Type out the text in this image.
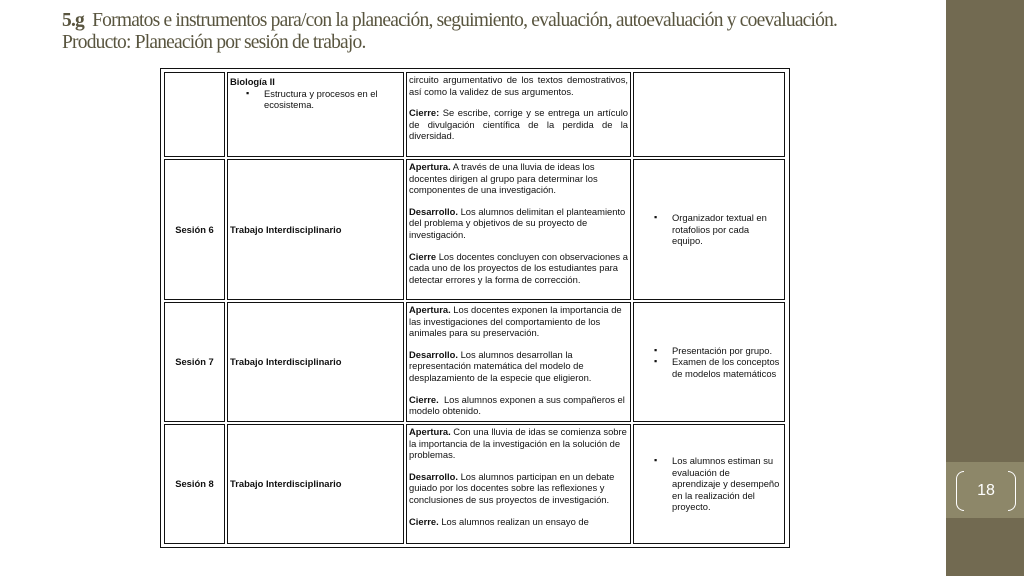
5.g Formatos e instrumentos para/con la planeación, seguimiento, evaluación, autoevaluación y coevaluación.
Producto: Planeación por sesión de trabajo.
18
Biología II
▪ Estructura y procesos en el ecosistema.

circuito argumentativo de los textos demostrativos, así como la validez de sus argumentos.

Cierre: Se escribe, corrige y se entrega un artículo de divulgación científica de la perdida de la diversidad.

Sesión 6 Trabajo Interdisciplinario

Apertura. A través de una lluvia de ideas los docentes dirigen al grupo para determinar los componentes de una investigación.

Desarrollo. Los alumnos delimitan el planteamiento del problema y objetivos de su proyecto de investigación.

Cierre Los docentes concluyen con observaciones a cada uno de los proyectos de los estudiantes para detectar errores y la forma de corrección.

▪ Organizador textual en rotafolios por cada equipo.
Sesión 7 Trabajo Interdisciplinario

Apertura. Los docentes exponen la importancia de las investigaciones del comportamiento de los animales para su preservación.

Desarrollo. Los alumnos desarrollan la representación matemática del modelo de desplazamiento de la especie que eligieron.

Cierre. Los alumnos exponen a sus compañeros el modelo obtenido.

▪ Presentación por grupo.
▪ Examen de los conceptos de modelos matemáticos
Sesión 8 Trabajo Interdisciplinario

Apertura. Con una lluvia de idas se comienza sobre la importancia de la investigación en la solución de problemas.

Desarrollo. Los alumnos participan en un debate guiado por los docentes sobre las reflexiones y conclusiones de sus proyectos de investigación.

Cierre. Los alumnos realizan un ensayo de

▪ Los alumnos estiman su evaluación de aprendizaje y desempeño en la realización del proyecto.
